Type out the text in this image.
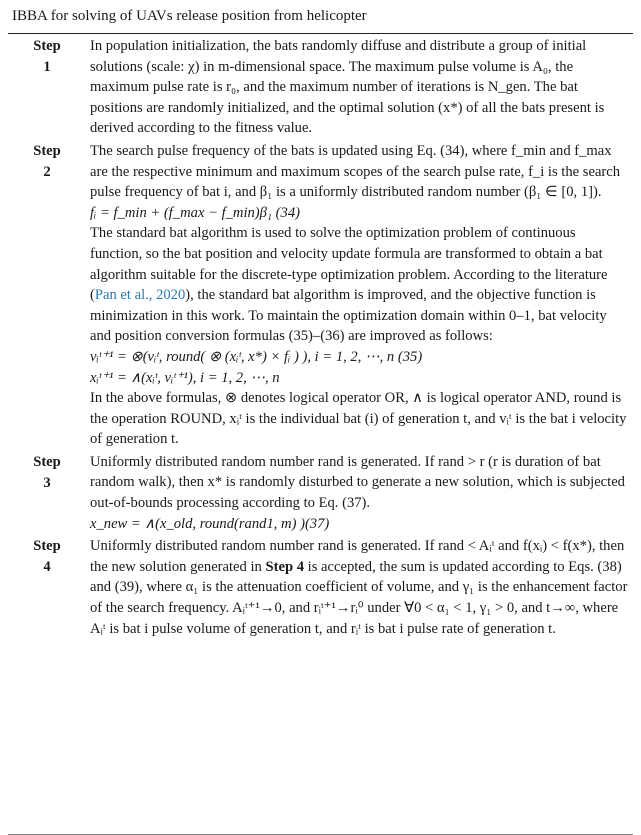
IBBA for solving of UAVs release position from helicopter
Step
1

In population initialization, the bats randomly diffuse and distribute a group of initial solutions (scale: χ) in m-dimensional space. The maximum pulse volume is A₀, the maximum pulse rate is r₀, and the maximum number of iterations is N_gen. The bat positions are randomly initialized, and the optimal solution (x*) of all the bats present is derived according to the fitness value.

Step
2

The search pulse frequency of the bats is updated using Eq. (34), where f_min and f_max are the respective minimum and maximum scopes of the search pulse rate, f_i is the search pulse frequency of bat i, and β₁ is a uniformly distributed random number (β₁ ∈ [0, 1]).

fᵢ = f_min + (f_max − f_min)β₁ (34)

The standard bat algorithm is used to solve the optimization problem of continuous function, so the bat position and velocity update formula are transformed to obtain a bat algorithm suitable for the discrete-type optimization problem. According to the literature (Pan et al., 2020), the standard bat algorithm is improved, and the objective function is minimization in this work. To maintain the optimization domain within 0–1, bat velocity and position conversion formulas (35)–(36) are improved as follows:

vᵢᵗ⁺¹ = ⊗(vᵢᵗ, round( ⊗ (xᵢᵗ, x*) × fᵢ ) ), i = 1, 2, ⋯, n (35)

xᵢᵗ⁺¹ = ∧(xᵢᵗ, vᵢᵗ⁺¹), i = 1, 2, ⋯, n

In the above formulas, ⊗ denotes logical operator OR, ∧ is logical operator AND, round is the operation ROUND, xᵢᵗ is the individual bat (i) of generation t, and vᵢᵗ is the bat i velocity of generation t.

Step
3

Uniformly distributed random number rand is generated. If rand > r (r is duration of bat random walk), then x* is randomly disturbed to generate a new solution, which is subjected out-of-bounds processing according to Eq. (37).

x_new = ∧(x_old, round(rand1, m) )(37)

Step
4

Uniformly distributed random number rand is generated. If rand < Aᵢᵗ and f(xᵢ) < f(x*), then the new solution generated in Step 4 is accepted, the sum is updated according to Eqs. (38) and (39), where α₁ is the attenuation coefficient of volume, and γ₁ is the enhancement factor of the search frequency. Aᵢᵗ⁺¹→0, and rᵢᵗ⁺¹→rᵢ⁰ under ∀0 < α₁ < 1, γ₁ > 0, and t→∞, where Aᵢᵗ is bat i pulse volume of generation t, and rᵢᵗ is bat i pulse rate of generation t.
